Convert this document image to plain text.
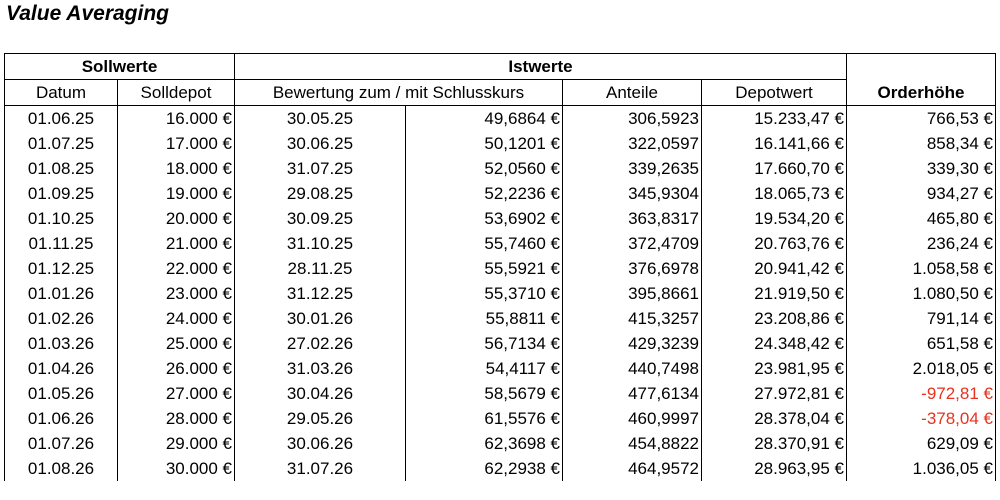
Value Averaging
Sollwerte		Istwerte				Orderhöhe
Datum	Solldepot	Bewertung zum / mit Schlusskurs		Anteile	Depotwert	
01.06.25	16.000 €	30.05.25	49,6864 €	306,5923	15.233,47 €	766,53 €
01.07.25	17.000 €	30.06.25	50,1201 €	322,0597	16.141,66 €	858,34 €
01.08.25	18.000 €	31.07.25	52,0560 €	339,2635	17.660,70 €	339,30 €
01.09.25	19.000 €	29.08.25	52,2236 €	345,9304	18.065,73 €	934,27 €
01.10.25	20.000 €	30.09.25	53,6902 €	363,8317	19.534,20 €	465,80 €
01.11.25	21.000 €	31.10.25	55,7460 €	372,4709	20.763,76 €	236,24 €
01.12.25	22.000 €	28.11.25	55,5921 €	376,6978	20.941,42 €	1.058,58 €
01.01.26	23.000 €	31.12.25	55,3710 €	395,8661	21.919,50 €	1.080,50 €
01.02.26	24.000 €	30.01.26	55,8811 €	415,3257	23.208,86 €	791,14 €
01.03.26	25.000 €	27.02.26	56,7134 €	429,3239	24.348,42 €	651,58 €
01.04.26	26.000 €	31.03.26	54,4117 €	440,7498	23.981,95 €	2.018,05 €
01.05.26	27.000 €	30.04.26	58,5679 €	477,6134	27.972,81 €	-972,81 €
01.06.26	28.000 €	29.05.26	61,5576 €	460,9997	28.378,04 €	-378,04 €
01.07.26	29.000 €	30.06.26	62,3698 €	454,8822	28.370,91 €	629,09 €
01.08.26	30.000 €	31.07.26	62,2938 €	464,9572	28.963,95 €	1.036,05 €
